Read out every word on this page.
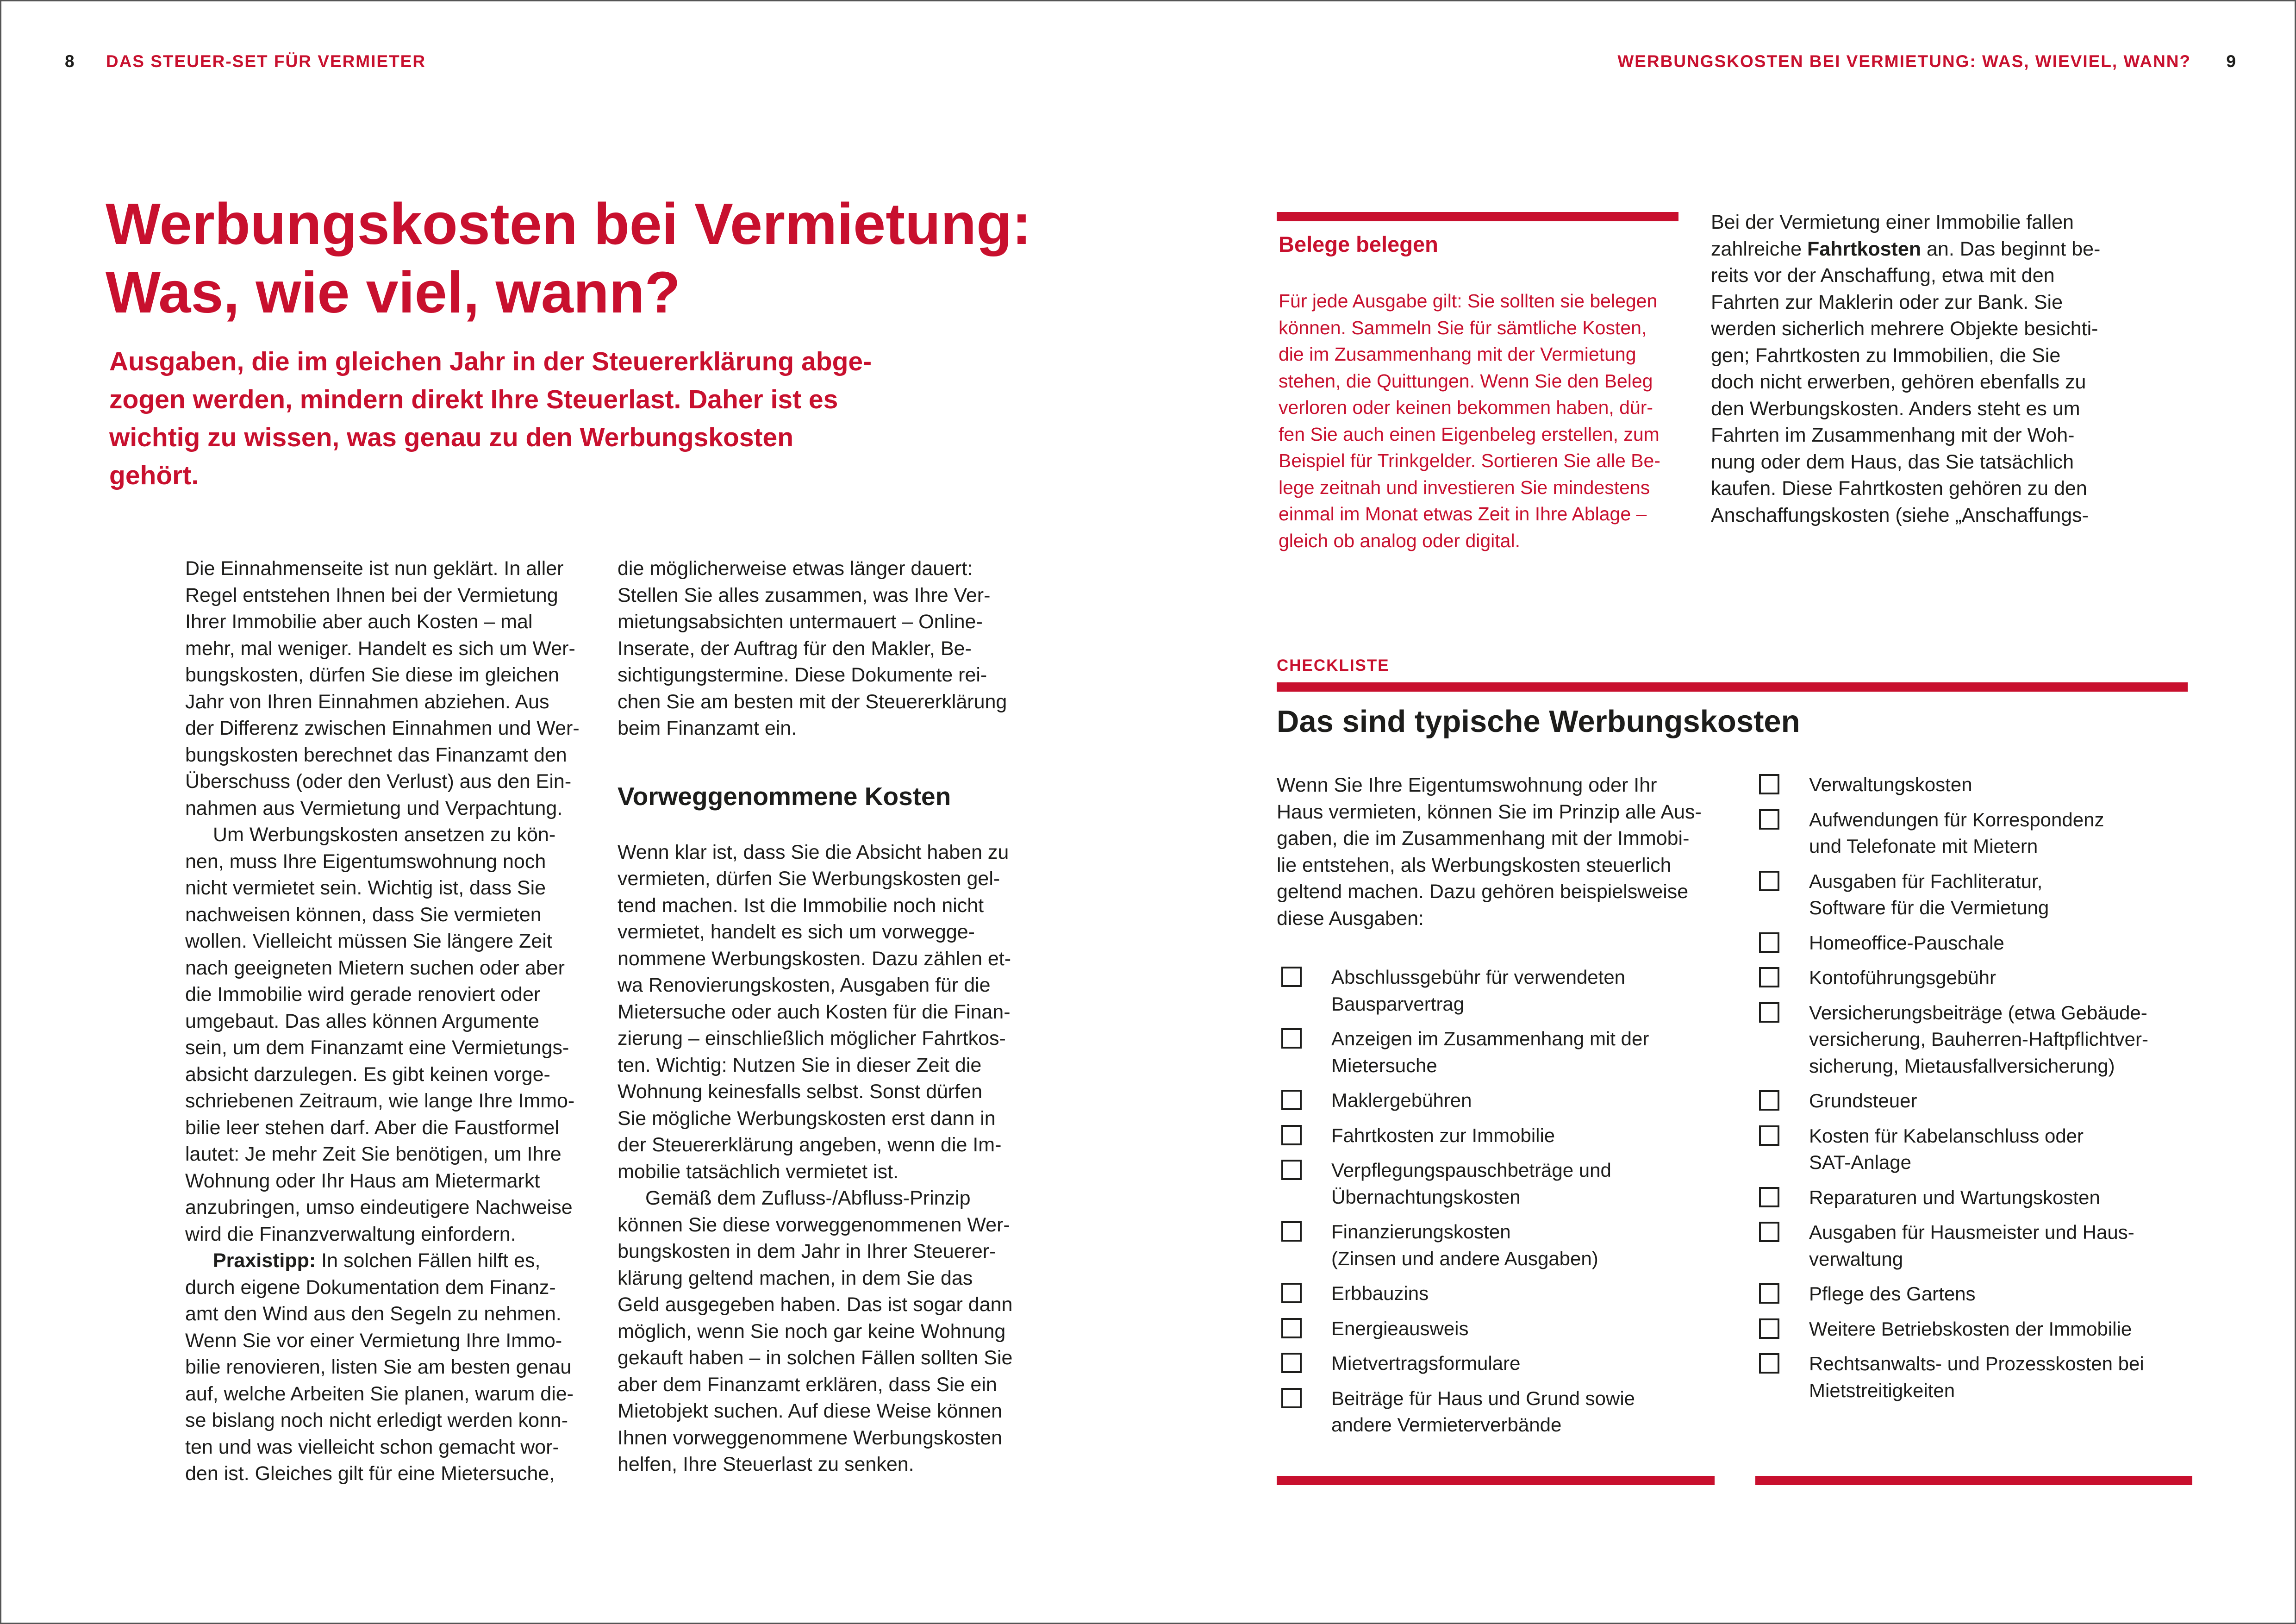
8 DAS STEUER-SET FÜR VERMIETER	WERBUNGSKOSTEN BEI VERMIETUNG: WAS, WIEVIEL, WANN? 9
Werbungskosten bei Vermietung:
Was, wie viel, wann?
Ausgaben, die im gleichen Jahr in der Steuererklärung abge-
zogen werden, mindern direkt Ihre Steuerlast. Daher ist es
wichtig zu wissen, was genau zu den Werbungskosten gehört.
Die Einnahmenseite ist nun geklärt. In aller
Regel entstehen Ihnen bei der Vermietung
Ihrer Immobilie aber auch Kosten – mal
mehr, mal weniger. Handelt es sich um Wer-
bungskosten, dürfen Sie diese im gleichen
Jahr von Ihren Einnahmen abziehen. Aus
der Differenz zwischen Einnahmen und Wer-
bungskosten berechnet das Finanzamt den
Überschuss (oder den Verlust) aus den Ein-
nahmen aus Vermietung und Verpachtung.
Um Werbungskosten ansetzen zu kön-
nen, muss Ihre Eigentumswohnung noch
nicht vermietet sein. Wichtig ist, dass Sie
nachweisen können, dass Sie vermieten
wollen. Vielleicht müssen Sie längere Zeit
nach geeigneten Mietern suchen oder aber
die Immobilie wird gerade renoviert oder
umgebaut. Das alles können Argumente
sein, um dem Finanzamt eine Vermietungs-
absicht darzulegen. Es gibt keinen vorge-
schriebenen Zeitraum, wie lange Ihre Immo-
bilie leer stehen darf. Aber die Faustformel
lautet: Je mehr Zeit Sie benötigen, um Ihre
Wohnung oder Ihr Haus am Mietermarkt
anzubringen, umso eindeutigere Nachweise
wird die Finanzverwaltung einfordern.
Praxistipp: In solchen Fällen hilft es,
durch eigene Dokumentation dem Finanz-
amt den Wind aus den Segeln zu nehmen.
Wenn Sie vor einer Vermietung Ihre Immo-
bilie renovieren, listen Sie am besten genau
auf, welche Arbeiten Sie planen, warum die-
se bislang noch nicht erledigt werden konn-
ten und was vielleicht schon gemacht wor-
den ist. Gleiches gilt für eine Mietersuche,
die möglicherweise etwas länger dauert:
Stellen Sie alles zusammen, was Ihre Ver-
mietungsabsichten untermauert – Online-
Inserate, der Auftrag für den Makler, Be-
sichtigungstermine. Diese Dokumente rei-
chen Sie am besten mit der Steuererklärung
beim Finanzamt ein.
Vorweggenommene Kosten
Wenn klar ist, dass Sie die Absicht haben zu
vermieten, dürfen Sie Werbungskosten gel-
tend machen. Ist die Immobilie noch nicht
vermietet, handelt es sich um vorwegge-
nommene Werbungskosten. Dazu zählen et-
wa Renovierungskosten, Ausgaben für die
Mietersuche oder auch Kosten für die Finan-
zierung – einschließlich möglicher Fahrtkos-
ten. Wichtig: Nutzen Sie in dieser Zeit die
Wohnung keinesfalls selbst. Sonst dürfen
Sie mögliche Werbungskosten erst dann in
der Steuererklärung angeben, wenn die Im-
mobilie tatsächlich vermietet ist.
Gemäß dem Zufluss-/Abfluss-Prinzip
können Sie diese vorweggenommenen Wer-
bungskosten in dem Jahr in Ihrer Steuerer-
klärung geltend machen, in dem Sie das
Geld ausgegeben haben. Das ist sogar dann
möglich, wenn Sie noch gar keine Wohnung
gekauft haben – in solchen Fällen sollten Sie
aber dem Finanzamt erklären, dass Sie ein
Mietobjekt suchen. Auf diese Weise können
Ihnen vorweggenommene Werbungskosten
helfen, Ihre Steuerlast zu senken.
Belege belegen
Für jede Ausgabe gilt: Sie sollten sie belegen
können. Sammeln Sie für sämtliche Kosten,
die im Zusammenhang mit der Vermietung
stehen, die Quittungen. Wenn Sie den Beleg
verloren oder keinen bekommen haben, dür-
fen Sie auch einen Eigenbeleg erstellen, zum
Beispiel für Trinkgelder. Sortieren Sie alle Be-
lege zeitnah und investieren Sie mindestens
einmal im Monat etwas Zeit in Ihre Ablage –
gleich ob analog oder digital.
Bei der Vermietung einer Immobilie fallen
zahlreiche Fahrtkosten an. Das beginnt be-
reits vor der Anschaffung, etwa mit den
Fahrten zur Maklerin oder zur Bank. Sie
werden sicherlich mehrere Objekte besichti-
gen; Fahrtkosten zu Immobilien, die Sie
doch nicht erwerben, gehören ebenfalls zu
den Werbungskosten. Anders steht es um
Fahrten im Zusammenhang mit der Woh-
nung oder dem Haus, das Sie tatsächlich
kaufen. Diese Fahrtkosten gehören zu den
Anschaffungskosten (siehe „Anschaffungs-
CHECKLISTE
Das sind typische Werbungskosten
Wenn Sie Ihre Eigentumswohnung oder Ihr
Haus vermieten, können Sie im Prinzip alle Aus-
gaben, die im Zusammenhang mit der Immobi-
lie entstehen, als Werbungskosten steuerlich
geltend machen. Dazu gehören beispielsweise
diese Ausgaben:
Abschlussgebühr für verwendeten
Bausparvertrag
Anzeigen im Zusammenhang mit der
Mietersuche
Maklergebühren
Fahrtkosten zur Immobilie
Verpflegungspauschbeträge und
Übernachtungskosten
Finanzierungskosten
(Zinsen und andere Ausgaben)
Erbbauzins
Energieausweis
Mietvertragsformulare
Beiträge für Haus und Grund sowie
andere Vermieterverbände
Verwaltungskosten
Aufwendungen für Korrespondenz
und Telefonate mit Mietern
Ausgaben für Fachliteratur,
Software für die Vermietung
Homeoffice-Pauschale
Kontoführungsgebühr
Versicherungsbeiträge (etwa Gebäude-
versicherung, Bauherren-Haftpflichtver-
sicherung, Mietausfallversicherung)
Grundsteuer
Kosten für Kabelanschluss oder
SAT-Anlage
Reparaturen und Wartungskosten
Ausgaben für Hausmeister und Haus-
verwaltung
Pflege des Gartens
Weitere Betriebskosten der Immobilie
Rechtsanwalts- und Prozesskosten bei
Mietstreitigkeiten
